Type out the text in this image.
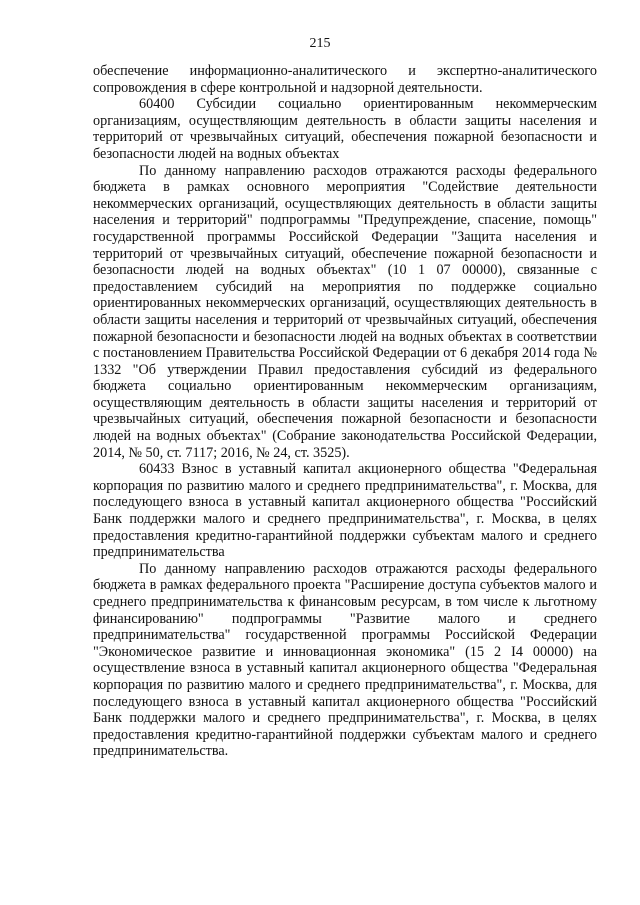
215

обеспечение информационно-аналитического и экспертно-аналитического сопровождения в сфере контрольной и надзорной деятельности.

60400 Субсидии социально ориентированным некоммерческим организациям, осуществляющим деятельность в области защиты населения и территорий от чрезвычайных ситуаций, обеспечения пожарной безопасности и безопасности людей на водных объектах

По данному направлению расходов отражаются расходы федерального бюджета в рамках основного мероприятия "Содействие деятельности некоммерческих организаций, осуществляющих деятельность в области защиты населения и территорий" подпрограммы "Предупреждение, спасение, помощь" государственной программы Российской Федерации "Защита населения и территорий от чрезвычайных ситуаций, обеспечение пожарной безопасности и безопасности людей на водных объектах" (10 1 07 00000), связанные с предоставлением субсидий на мероприятия по поддержке социально ориентированных некоммерческих организаций, осуществляющих деятельность в области защиты населения и территорий от чрезвычайных ситуаций, обеспечения пожарной безопасности и безопасности людей на водных объектах в соответствии с постановлением Правительства Российской Федерации от 6 декабря 2014 года № 1332 "Об утверждении Правил предоставления субсидий из федерального бюджета социально ориентированным некоммерческим организациям, осуществляющим деятельность в области защиты населения и территорий от чрезвычайных ситуаций, обеспечения пожарной безопасности и безопасности людей на водных объектах" (Собрание законодательства Российской Федерации, 2014, № 50, ст. 7117; 2016, № 24, ст. 3525).

60433 Взнос в уставный капитал акционерного общества "Федеральная корпорация по развитию малого и среднего предпринимательства", г. Москва, для последующего взноса в уставный капитал акционерного общества "Российский Банк поддержки малого и среднего предпринимательства", г. Москва, в целях предоставления кредитно-гарантийной поддержки субъектам малого и среднего предпринимательства

По данному направлению расходов отражаются расходы федерального бюджета в рамках федерального проекта "Расширение доступа субъектов малого и среднего предпринимательства к финансовым ресурсам, в том числе к льготному финансированию" подпрограммы "Развитие малого и среднего предпринимательства" государственной программы Российской Федерации "Экономическое развитие и инновационная экономика" (15 2 I4 00000) на осуществление взноса в уставный капитал акционерного общества "Федеральная корпорация по развитию малого и среднего предпринимательства", г. Москва, для последующего взноса в уставный капитал акционерного общества "Российский Банк поддержки малого и среднего предпринимательства", г. Москва, в целях предоставления кредитно-гарантийной поддержки субъектам малого и среднего предпринимательства.
